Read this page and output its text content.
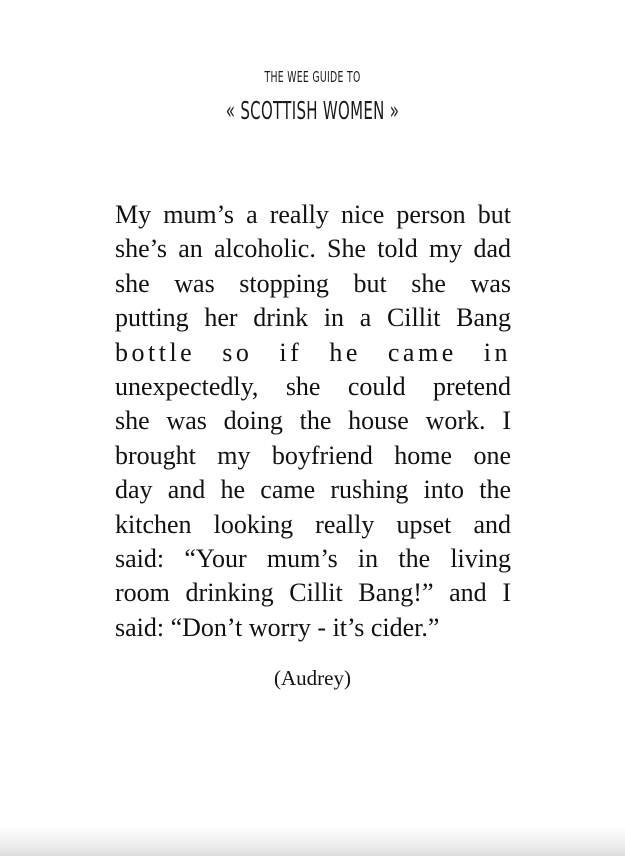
THE WEE GUIDE TO
« SCOTTISH WOMEN »
My mum’s a really nice person but
she’s an alcoholic. She told my dad
she was stopping but she was
putting her drink in a Cillit Bang
bottle so if he came in
unexpectedly, she could pretend
she was doing the house work. I
brought my boyfriend home one
day and he came rushing into the
kitchen looking really upset and
said: “Your mum’s in the living
room drinking Cillit Bang!” and I
said: “Don’t worry - it’s cider.”
(Audrey)
